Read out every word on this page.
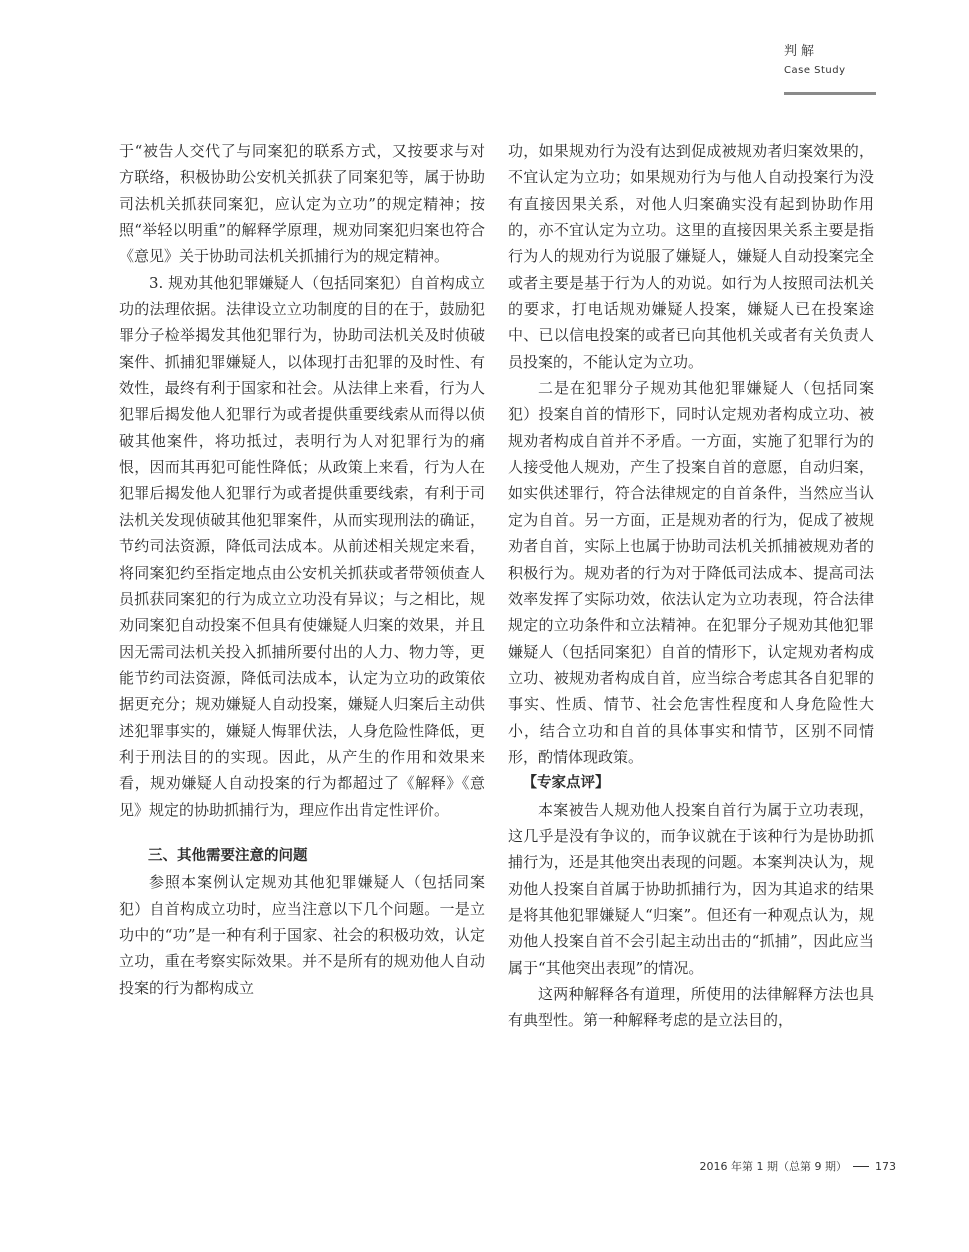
判解
Case Study

于“被告人交代了与同案犯的联系方式，又按要求与对方联络，积极协助公安机关抓获了同案犯等，属于协助司法机关抓获同案犯，应认定为立功”的规定精神；按照“举轻以明重”的解释学原理，规劝同案犯归案也符合《意见》关于协助司法机关抓捕行为的规定精神。

3. 规劝其他犯罪嫌疑人（包括同案犯）自首构成立功的法理依据。法律设立立功制度的目的在于，鼓励犯罪分子检举揭发其他犯罪行为，协助司法机关及时侦破案件、抓捕犯罪嫌疑人，以体现打击犯罪的及时性、有效性，最终有利于国家和社会。从法律上来看，行为人犯罪后揭发他人犯罪行为或者提供重要线索从而得以侦破其他案件，将功抵过，表明行为人对犯罪行为的痛恨，因而其再犯可能性降低；从政策上来看，行为人在犯罪后揭发他人犯罪行为或者提供重要线索，有利于司法机关发现侦破其他犯罪案件，从而实现刑法的确证，节约司法资源，降低司法成本。从前述相关规定来看，将同案犯约至指定地点由公安机关抓获或者带领侦查人员抓获同案犯的行为成立立功没有异议；与之相比，规劝同案犯自动投案不但具有使嫌疑人归案的效果，并且因无需司法机关投入抓捕所要付出的人力、物力等，更能节约司法资源，降低司法成本，认定为立功的政策依据更充分；规劝嫌疑人自动投案，嫌疑人归案后主动供述犯罪事实的，嫌疑人悔罪伏法，人身危险性降低，更利于刑法目的的实现。因此，从产生的作用和效果来看，规劝嫌疑人自动投案的行为都超过了《解释》《意见》规定的协助抓捕行为，理应作出肯定性评价。

三、其他需要注意的问题

参照本案例认定规劝其他犯罪嫌疑人（包括同案犯）自首构成立功时，应当注意以下几个问题。一是立功中的“功”是一种有利于国家、社会的积极功效，认定立功，重在考察实际效果。并不是所有的规劝他人自动投案的行为都构成立

功，如果规劝行为没有达到促成被规劝者归案效果的，不宜认定为立功；如果规劝行为与他人自动投案行为没有直接因果关系，对他人归案确实没有起到协助作用的，亦不宜认定为立功。这里的直接因果关系主要是指行为人的规劝行为说服了嫌疑人，嫌疑人自动投案完全或者主要是基于行为人的劝说。如行为人按照司法机关的要求，打电话规劝嫌疑人投案，嫌疑人已在投案途中、已以信电投案的或者已向其他机关或者有关负责人员投案的，不能认定为立功。

二是在犯罪分子规劝其他犯罪嫌疑人（包括同案犯）投案自首的情形下，同时认定规劝者构成立功、被规劝者构成自首并不矛盾。一方面，实施了犯罪行为的人接受他人规劝，产生了投案自首的意愿，自动归案，如实供述罪行，符合法律规定的自首条件，当然应当认定为自首。另一方面，正是规劝者的行为，促成了被规劝者自首，实际上也属于协助司法机关抓捕被规劝者的积极行为。规劝者的行为对于降低司法成本、提高司法效率发挥了实际功效，依法认定为立功表现，符合法律规定的立功条件和立法精神。在犯罪分子规劝其他犯罪嫌疑人（包括同案犯）自首的情形下，认定规劝者构成立功、被规劝者构成自首，应当综合考虑其各自犯罪的事实、性质、情节、社会危害性程度和人身危险性大小，结合立功和自首的具体事实和情节，区别不同情形，酌情体现政策。

【专家点评】

本案被告人规劝他人投案自首行为属于立功表现，这几乎是没有争议的，而争议就在于该种行为是协助抓捕行为，还是其他突出表现的问题。本案判决认为，规劝他人投案自首属于协助抓捕行为，因为其追求的结果是将其他犯罪嫌疑人“归案”。但还有一种观点认为，规劝他人投案自首不会引起主动出击的“抓捕”，因此应当属于“其他突出表现”的情况。

这两种解释各有道理，所使用的法律解释方法也具有典型性。第一种解释考虑的是立法目的，

2016 年第 1 期（总第 9 期）	173
